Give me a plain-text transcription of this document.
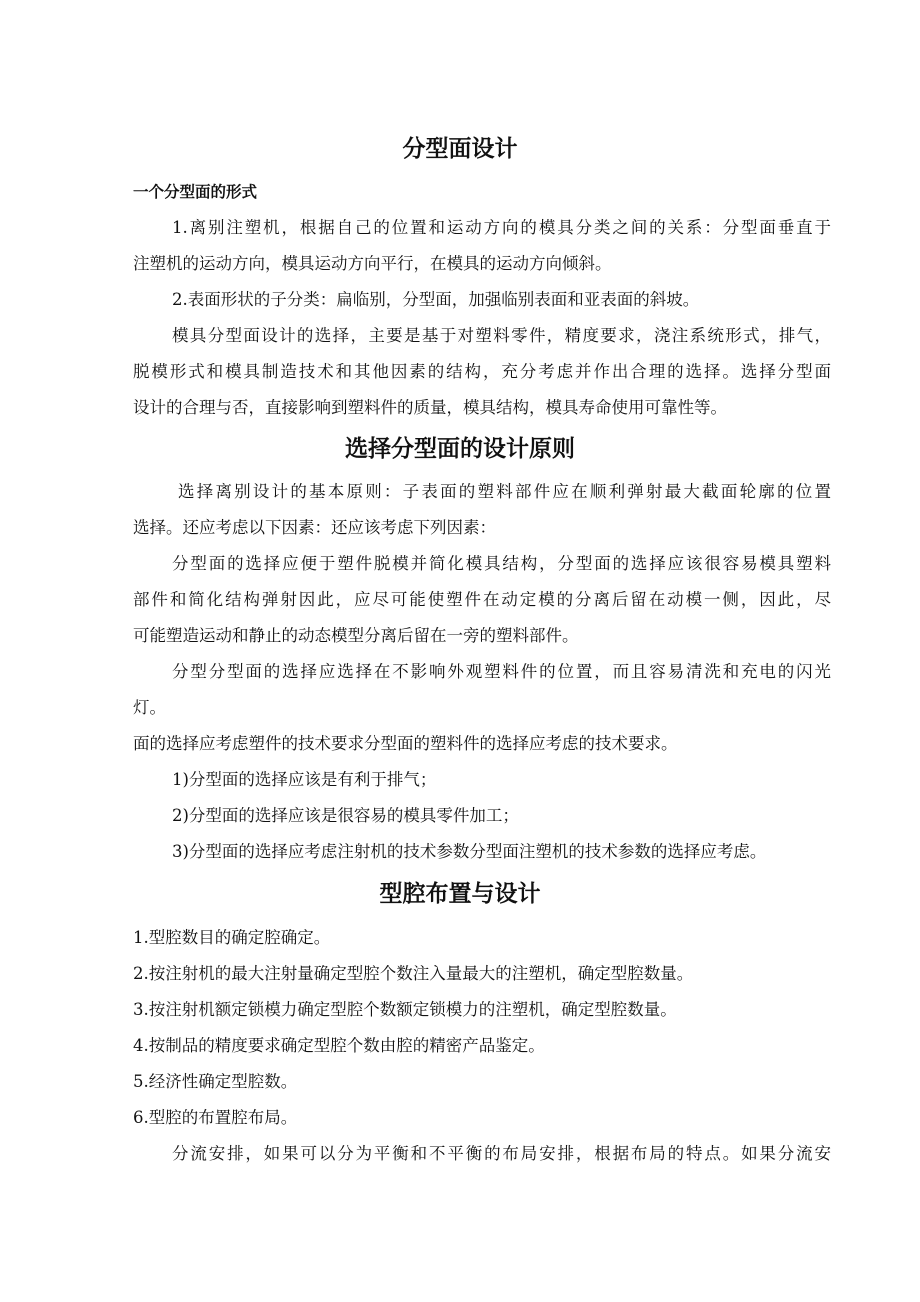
分型面设计
一个分型面的形式
1.离别注塑机，根据自己的位置和运动方向的模具分类之间的关系：分型面垂直于
注塑机的运动方向，模具运动方向平行，在模具的运动方向倾斜。
2.表面形状的子分类：扁临别，分型面，加强临别表面和亚表面的斜坡。
模具分型面设计的选择，主要是基于对塑料零件，精度要求，浇注系统形式，排气，
脱模形式和模具制造技术和其他因素的结构，充分考虑并作出合理的选择。选择分型面
设计的合理与否，直接影响到塑料件的质量，模具结构，模具寿命使用可靠性等。
选择分型面的设计原则
选择离别设计的基本原则：子表面的塑料部件应在顺利弹射最大截面轮廓的位置
选择。还应考虑以下因素：还应该考虑下列因素：
分型面的选择应便于塑件脱模并简化模具结构，分型面的选择应该很容易模具塑料
部件和简化结构弹射因此，应尽可能使塑件在动定模的分离后留在动模一侧，因此，尽
可能塑造运动和静止的动态模型分离后留在一旁的塑料部件。
分型分型面的选择应选择在不影响外观塑料件的位置，而且容易清洗和充电的闪光
灯。
面的选择应考虑塑件的技术要求分型面的塑料件的选择应考虑的技术要求。
1)分型面的选择应该是有利于排气；
2)分型面的选择应该是很容易的模具零件加工；
3)分型面的选择应考虑注射机的技术参数分型面注塑机的技术参数的选择应考虑。
型腔布置与设计
1.型腔数目的确定腔确定。
2.按注射机的最大注射量确定型腔个数注入量最大的注塑机，确定型腔数量。
3.按注射机额定锁模力确定型腔个数额定锁模力的注塑机，确定型腔数量。
4.按制品的精度要求确定型腔个数由腔的精密产品鉴定。
5.经济性确定型腔数。
6.型腔的布置腔布局。
分流安排，如果可以分为平衡和不平衡的布局安排，根据布局的特点。如果分流安
